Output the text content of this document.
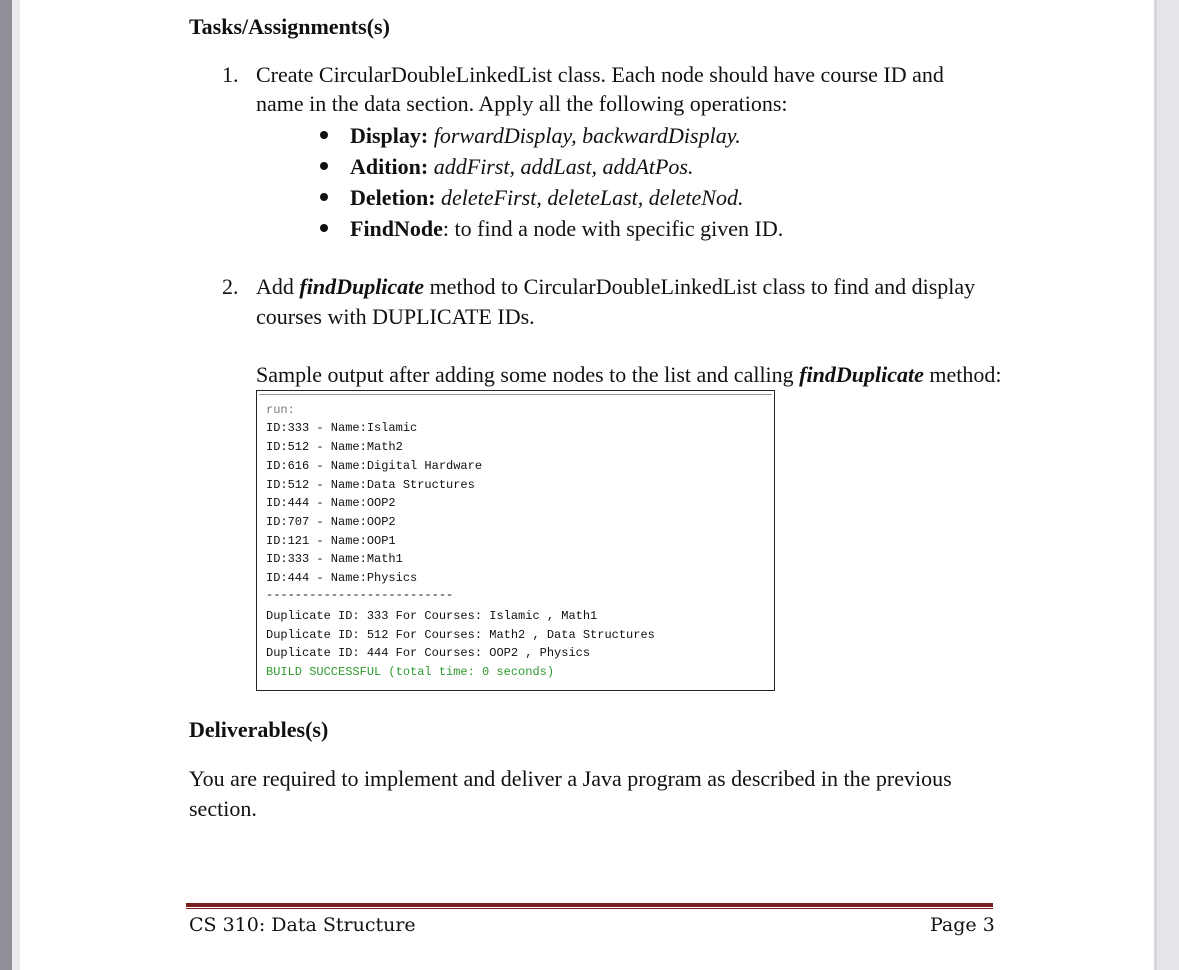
Tasks/Assignments(s)
1. Create CircularDoubleLinkedList class. Each node should have course ID and

name in the data section. Apply all the following operations:

Display: forwardDisplay, backwardDisplay.
Adition: addFirst, addLast, addAtPos.
Deletion: deleteFirst, deleteLast, deleteNod.
FindNode: to find a node with specific given ID.
2. Add findDuplicate method to CircularDoubleLinkedList class to find and display

courses with DUPLICATE IDs.

Sample output after adding some nodes to the list and calling findDuplicate method:

run:
ID:333 - Name:Islamic
ID:512 - Name:Math2
ID:616 - Name:Digital Hardware
ID:512 - Name:Data Structures
ID:444 - Name:OOP2
ID:707 - Name:OOP2
ID:121 - Name:OOP1
ID:333 - Name:Math1
ID:444 - Name:Physics
--------------------------
Duplicate ID: 333 For Courses: Islamic , Math1
Duplicate ID: 512 For Courses: Math2 , Data Structures
Duplicate ID: 444 For Courses: OOP2 , Physics
BUILD SUCCESSFUL (total time: 0 seconds)
Deliverables(s)

You are required to implement and deliver a Java program as described in the previous

section.

CS 310: Data Structure	Page 3
